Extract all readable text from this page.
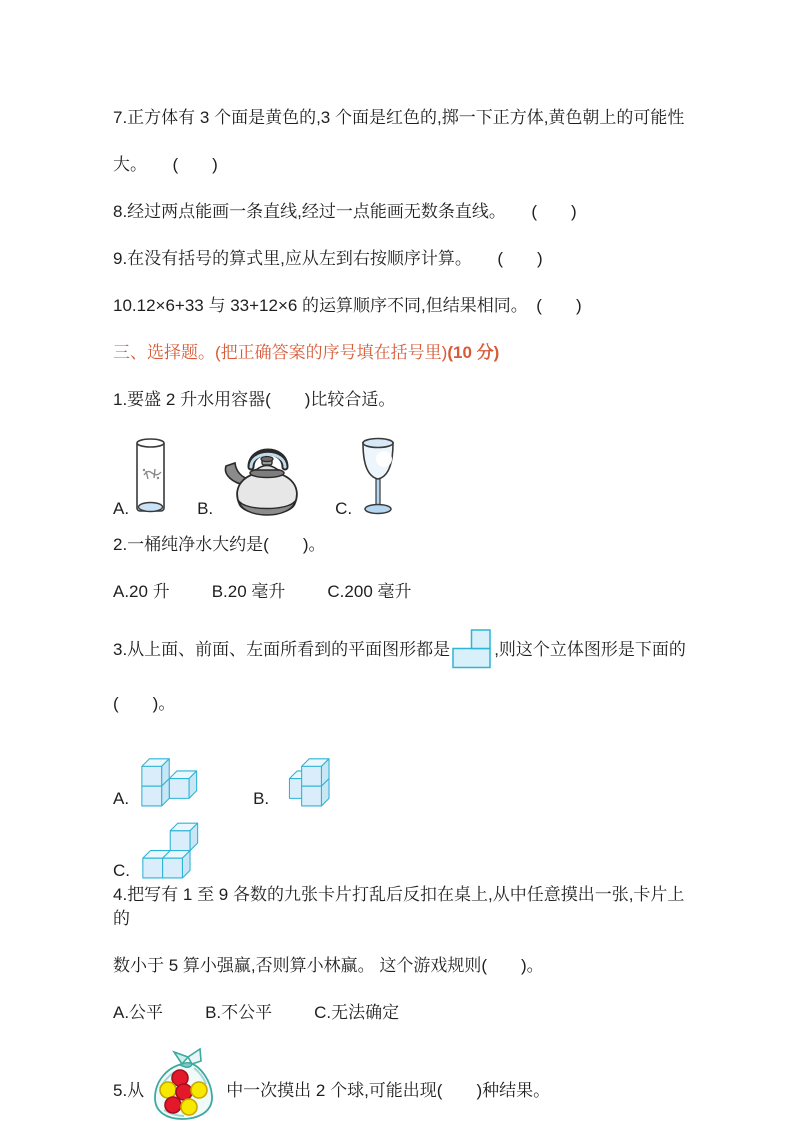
7.正方体有 3 个面是黄色的,3 个面是红色的,掷一下正方体,黄色朝上的可能性

大。　　(　　)

8.经过两点能画一条直线,经过一点能画无数条直线。　　(　　)

9.在没有括号的算式里,应从左到右按顺序计算。　　(　　)

10.12×6+33 与 33+12×6 的运算顺序不同,但结果相同。　(　　)

三、选择题。(把正确答案的序号填在括号里)(10 分)

1.要盛 2 升水用容器(　　)比较合适。

A.	B.	C.

2.一桶纯净水大约是(　　)。

A.20 升 B.20 毫升 C.200 毫升

3.从上面、前面、左面所看到的平面图形都是	,则这个立体图形是下面的

(　　)。

A.	B.
C.

4.把写有 1 至 9 各数的九张卡片打乱后反扣在桌上,从中任意摸出一张,卡片上的

数小于 5 算小强赢,否则算小林赢。 这个游戏规则(　　)。

A.公平 B.不公平 C.无法确定

5.从	中一次摸出 2 个球,可能出现(　　)种结果。
